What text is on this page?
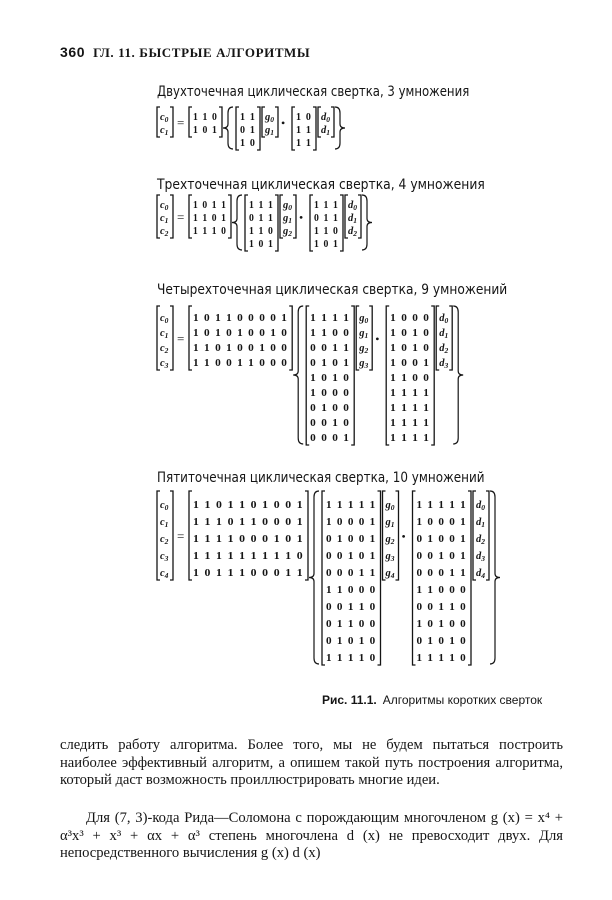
360 ГЛ. 11. БЫСТРЫЕ АЛГОРИТМЫ
Двухточечная циклическая свертка, 3 умножения
Трехточечная циклическая свертка, 4 умножения
Четырехточечная циклическая свертка, 9 умножений
Пятиточечная циклическая свертка, 10 умножений
c0
c1
= 1 1 0
1 0 1
1 1
0 1
1 0
g0
g1
• 1 0
1 1
1 1
d0
d1
c0
c1
c2
=
1 0 1 1
1 1 0 1
1 1 1 0
1 1 1
0 1 1
1 1 0
1 0 1
g0
g1
g2
•
1 1 1
0 1 1
1 1 0
1 0 1
d0
d1
d2
c0
c1
c2
c3
=
1 0 1 1 0 0 0 0 1
1 0 1 0 1 0 0 1 0
1 1 0 1 0 0 1 0 0
1 1 0 0 1 1 0 0 0
1 1 1 1
1 1 0 0
0 0 1 1
0 1 0 1
1 0 1 0
1 0 0 0
0 1 0 0
0 0 1 0
0 0 0 1
g0
g1
g2
g3
•
1 0 0 0
1 0 1 0
1 0 1 0
1 0 0 1
1 1 0 0
1 1 1 1
1 1 1 1
1 1 1 1
1 1 1 1
d0
d1
d2
d3
c0
c1
c2
c3
c4
=
1 1 0 1 1 0 1 0 0 1
1 1 1 0 1 1 0 0 0 1
1 1 1 1 0 0 0 1 0 1
1 1 1 1 1 1 1 1 1 0
1 0 1 1 1 0 0 0 1 1
1 1 1 1 1
1 0 0 0 1
0 1 0 0 1
0 0 1 0 1
0 0 0 1 1
1 1 0 0 0
0 0 1 1 0
0 1 1 0 0
0 1 0 1 0
1 1 1 1 0
g0
g1
g2
g3
g4
•
1 1 1 1 1
1 0 0 0 1
0 1 0 0 1
0 0 1 0 1
0 0 0 1 1
1 1 0 0 0
0 0 1 1 0
1 0 1 0 0
0 1 0 1 0
1 1 1 1 0
d0
d1
d2
d3
d4
Рис. 11.1. Алгоритмы коротких сверток

следить работу алгоритма. Более того, мы не будем пытаться построить наиболее эффективный алгоритм, а опишем такой путь построения алгоритма, который даст возможность проиллюстрировать многие идеи.

Для (7, 3)-кода Рида—Соломона с порождающим многочленом g (x) = x⁴ + α³x³ + x³ + αx + α³ степень многочлена d (x) не превосходит двух. Для непосредственного вычисления g (x) d (x)
